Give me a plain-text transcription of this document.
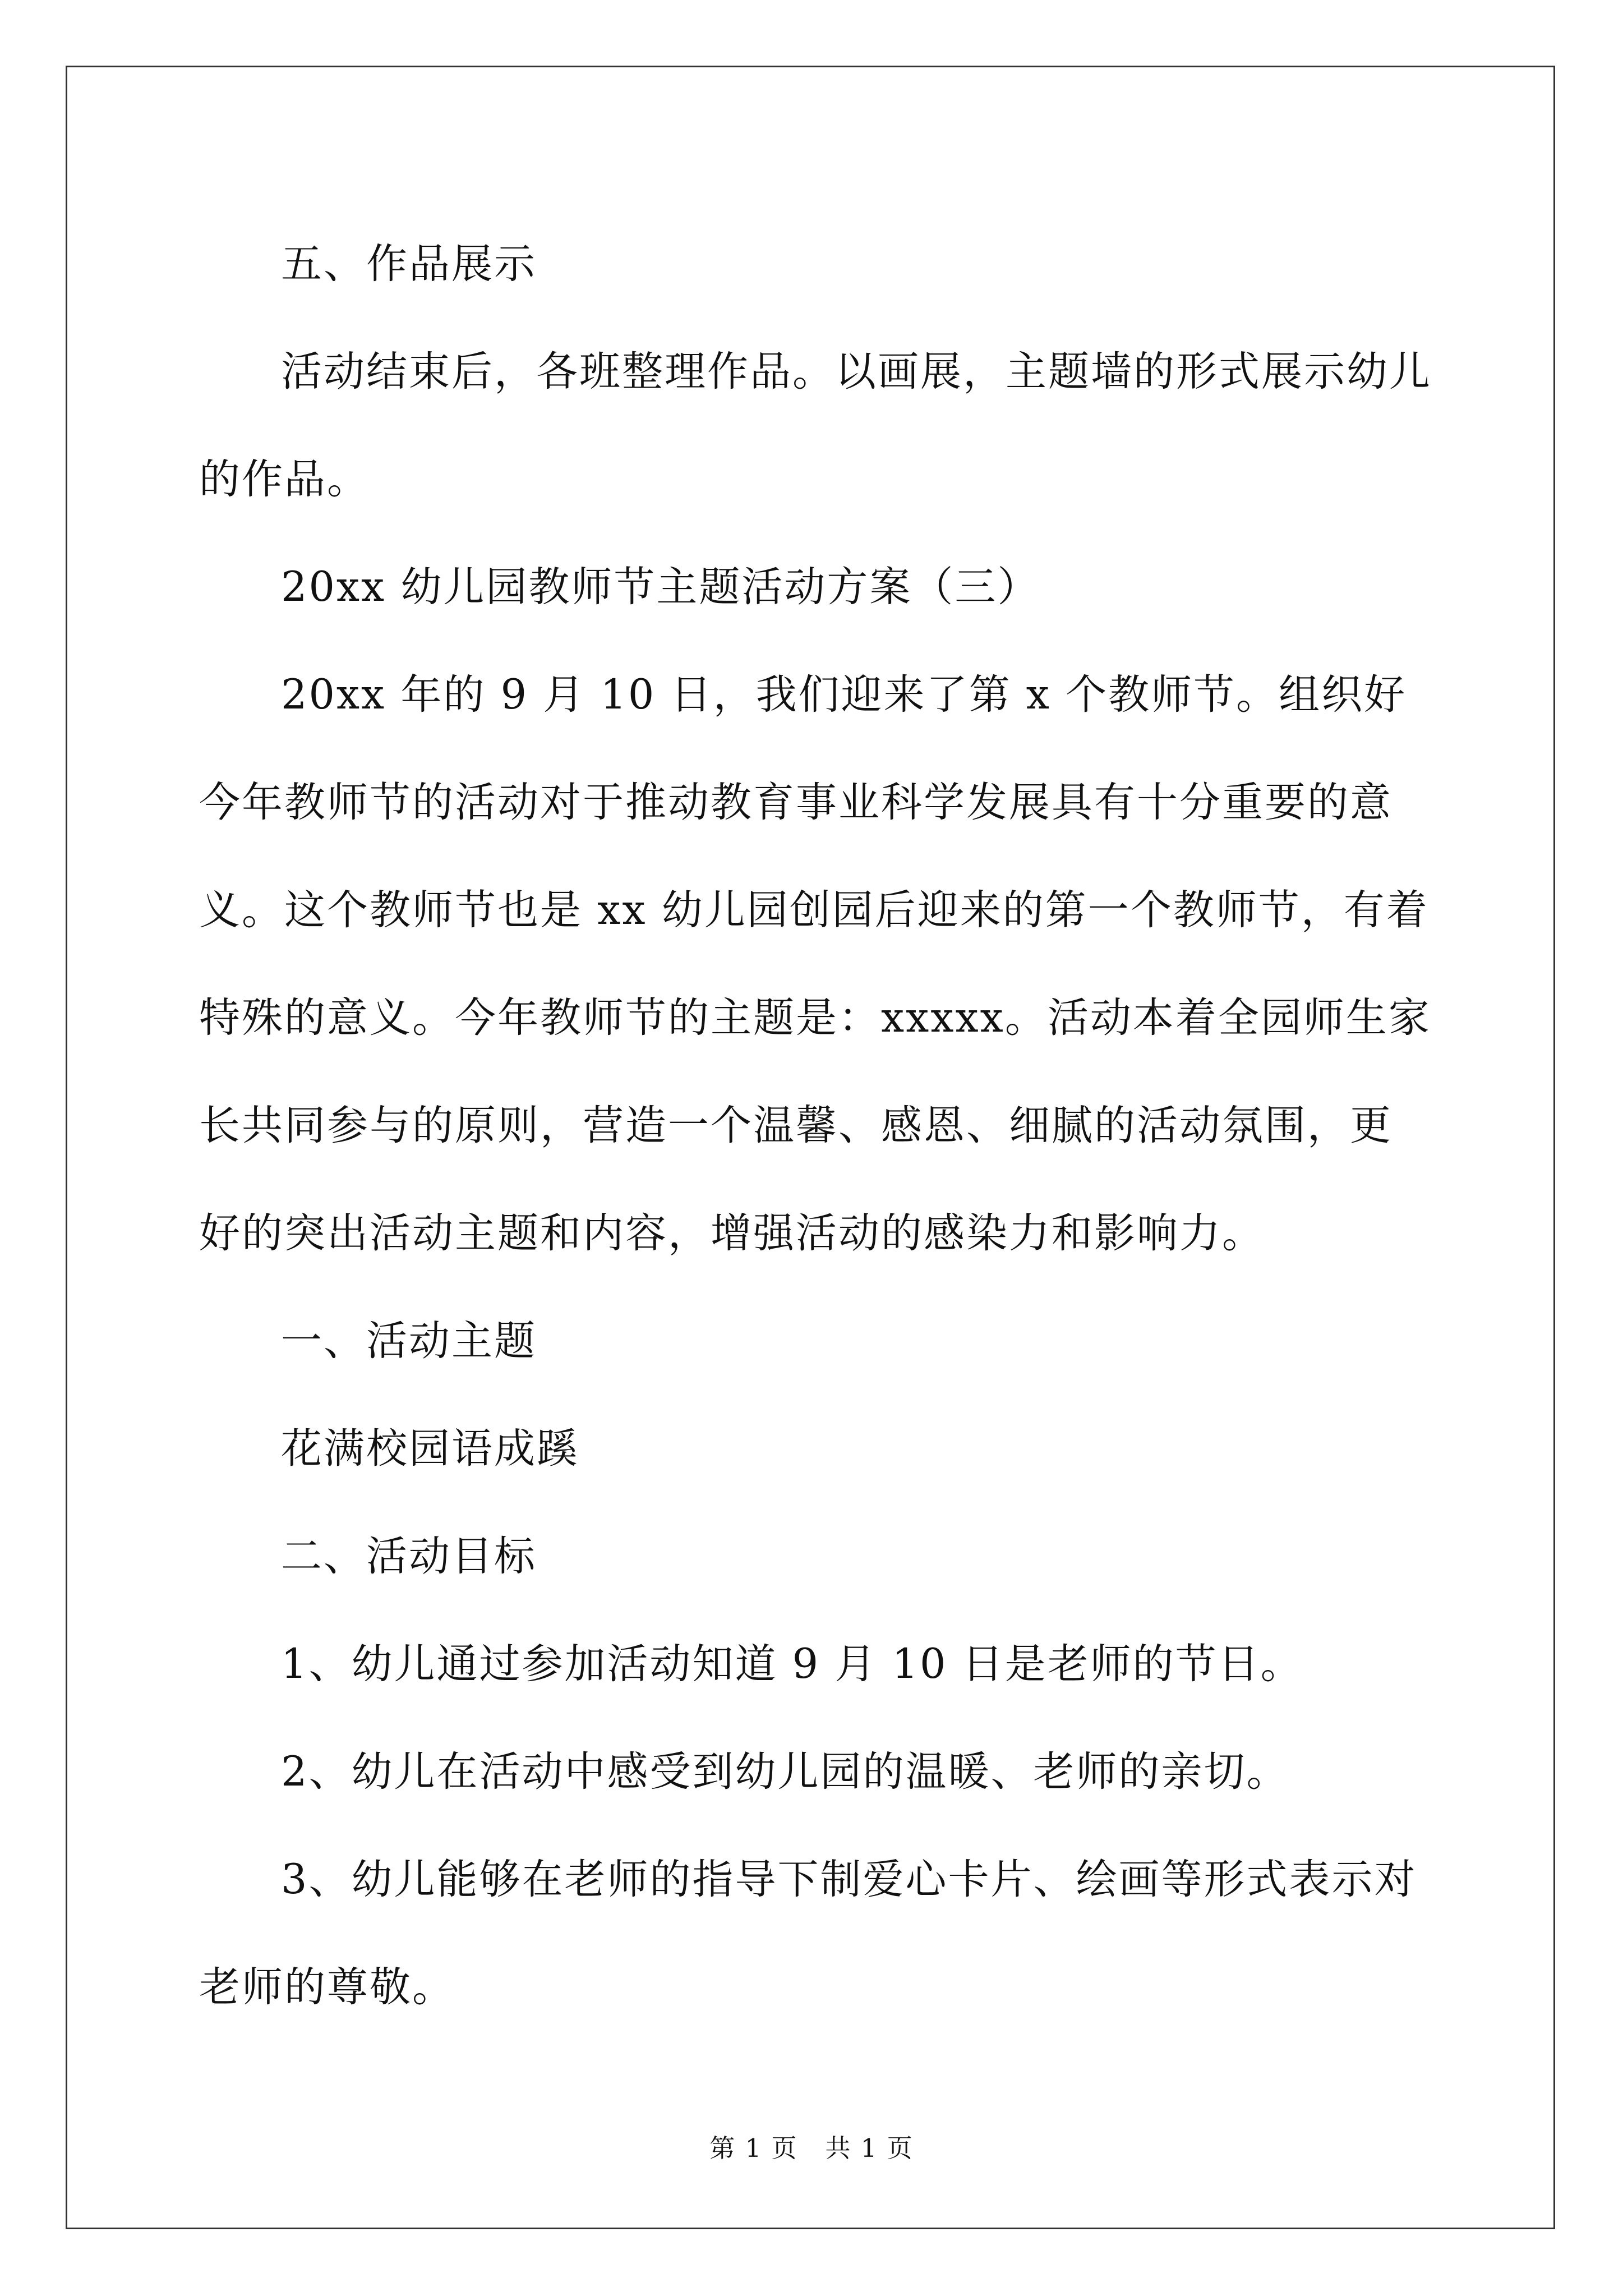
五、作品展示

活动结束后，各班整理作品。以画展，主题墙的形式展示幼儿的作品。

20xx 幼儿园教师节主题活动方案（三）

20xx 年的 9 月 10 日，我们迎来了第 x 个教师节。组织好今年教师节的活动对于推动教育事业科学发展具有十分重要的意义。这个教师节也是 xx 幼儿园创园后迎来的第一个教师节，有着特殊的意义。今年教师节的主题是：xxxxx。活动本着全园师生家长共同参与的原则，营造一个温馨、感恩、细腻的活动氛围，更好的突出活动主题和内容，增强活动的感染力和影响力。

一、活动主题

花满校园语成蹊

二、活动目标

1、幼儿通过参加活动知道 9 月 10 日是老师的节日。

2、幼儿在活动中感受到幼儿园的温暖、老师的亲切。

3、幼儿能够在老师的指导下制爱心卡片、绘画等形式表示对老师的尊敬。

第 1 页 共 1 页
